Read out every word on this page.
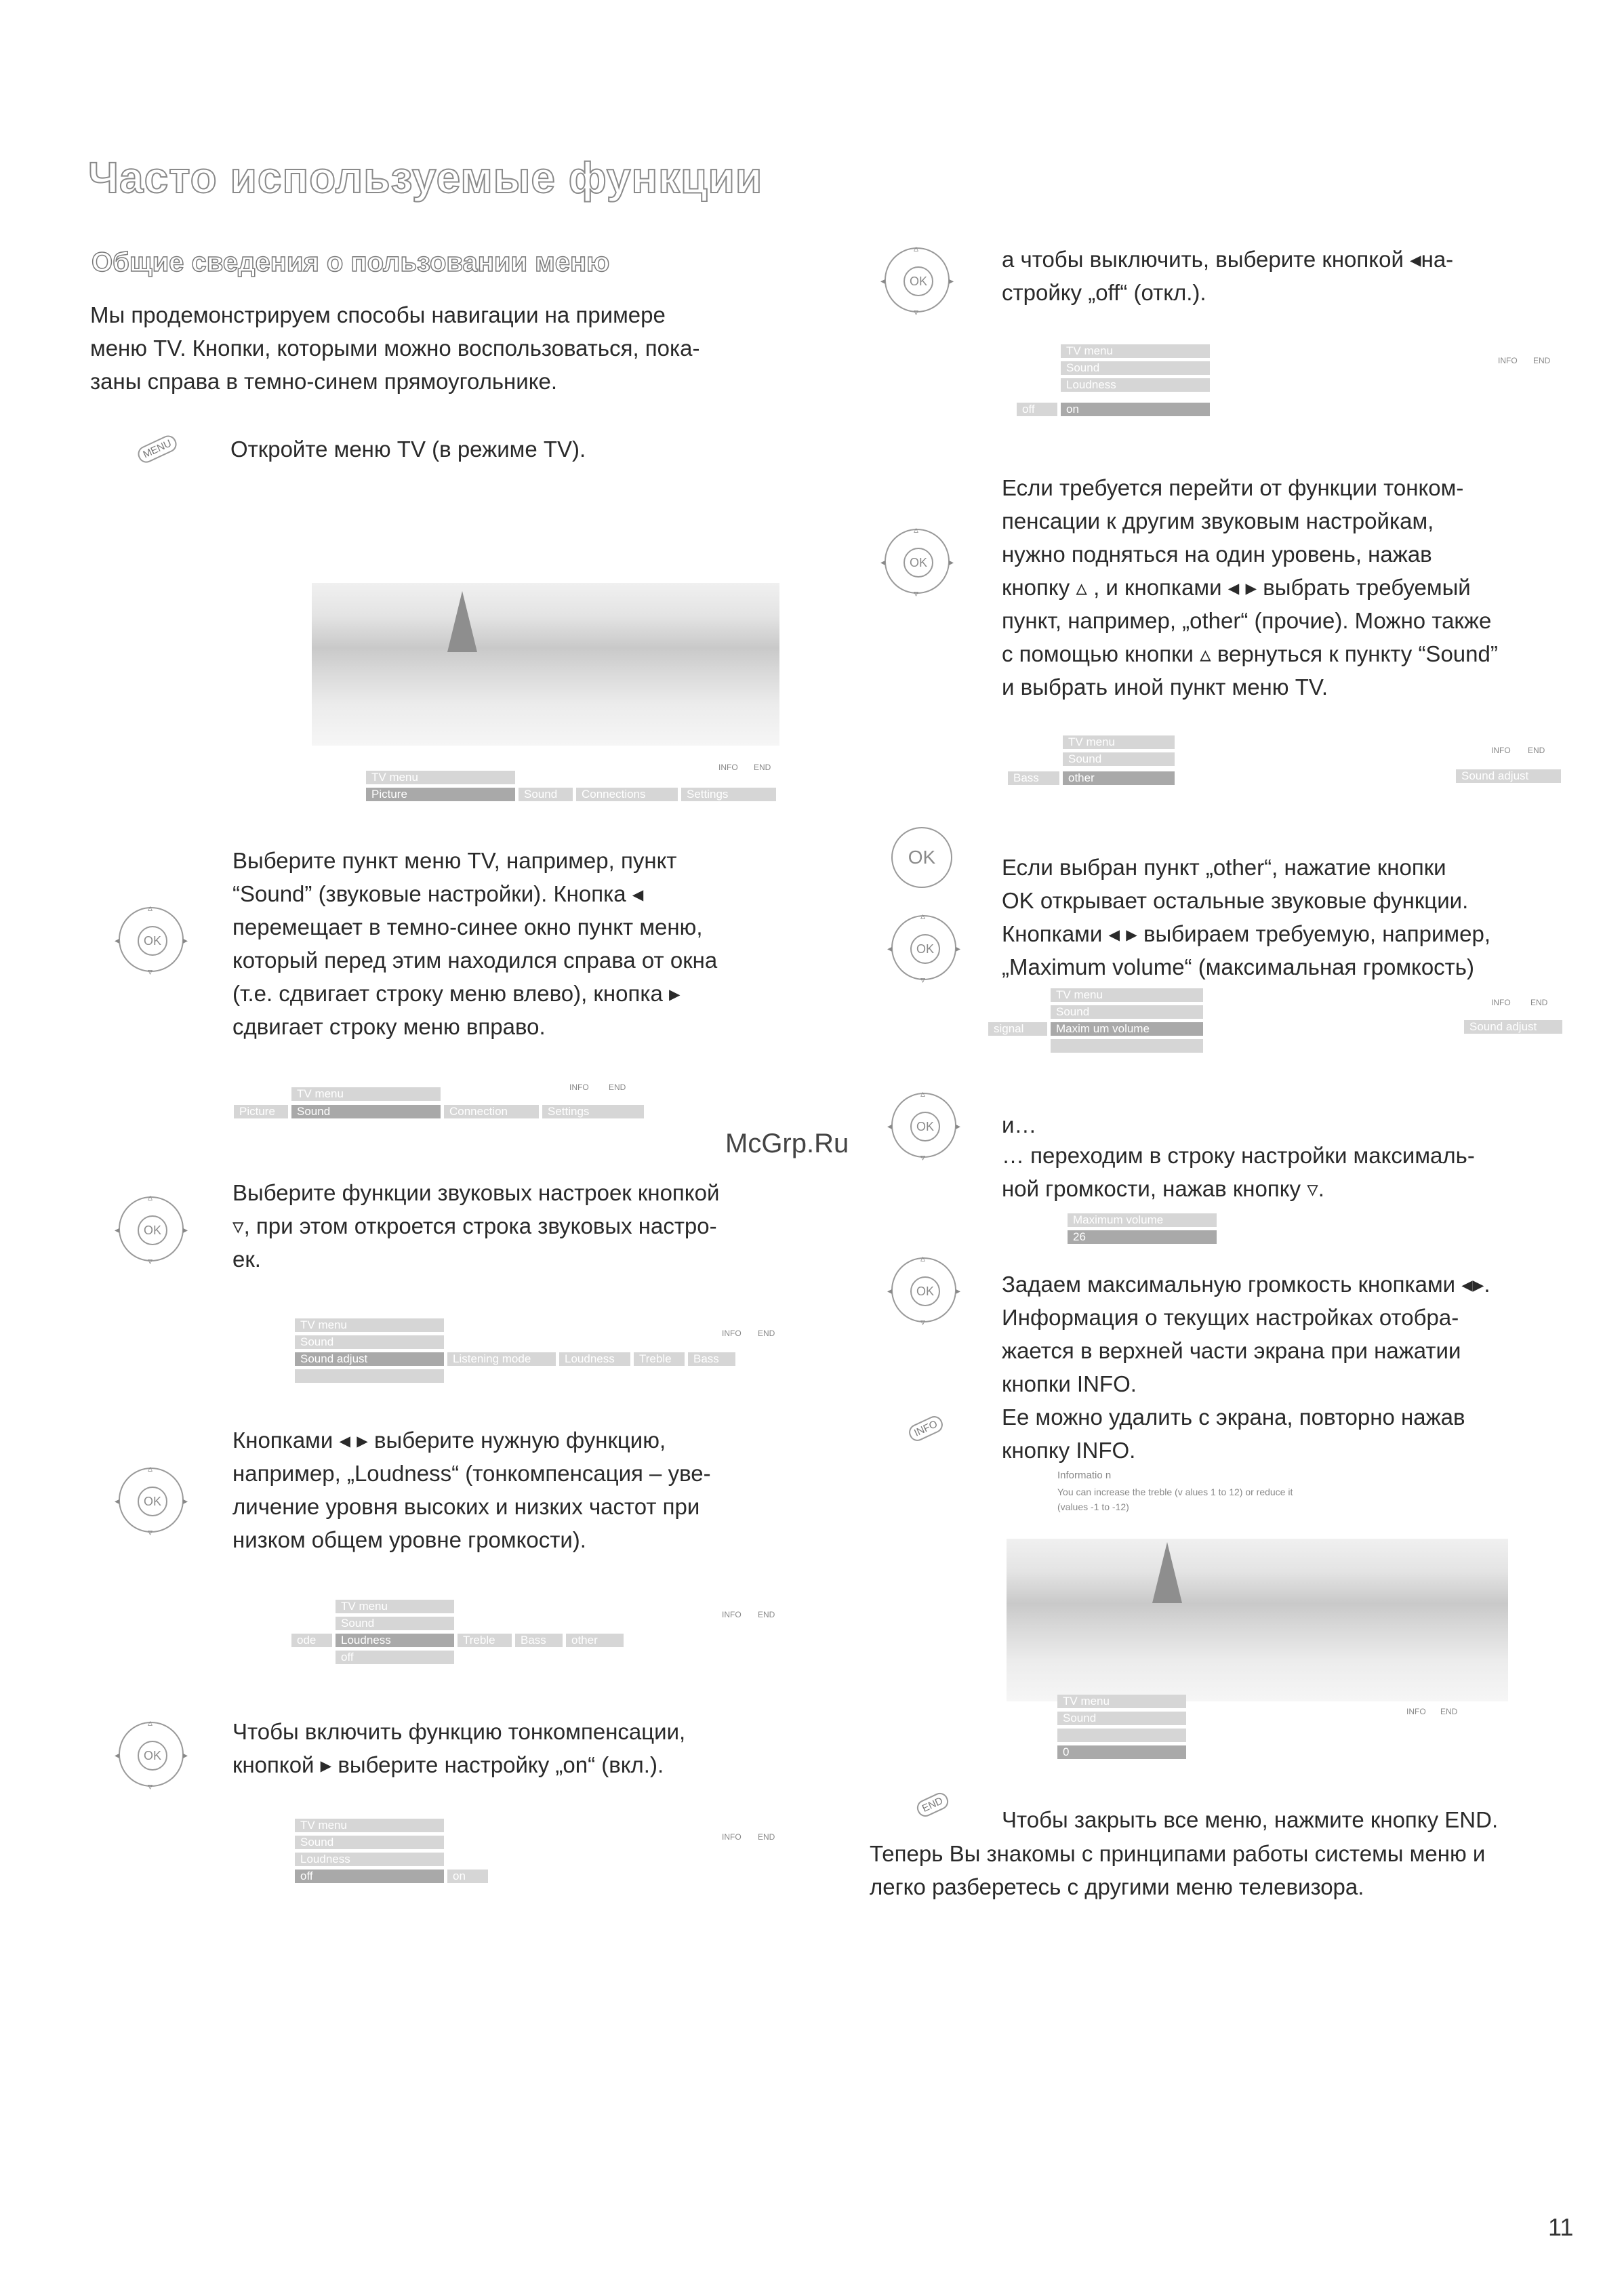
Часто используемые функции
Общие сведения о пользовании меню

Мы продемонстрируем способы навигации на примере
меню TV. Кнопки, которыми можно воспользоваться, пока-
заны справа в темно-синем прямоугольнике.

MENU	Откройте меню TV (в режиме TV).

TV menu
Picture	Sound	Connections	Settings
INFO END
◂	▸
▵
▿
OK

Выберите пункт меню TV, например, пункт
“Sound” (звуковые настройки). Кнопка ◂
перемещает в темно-синее окно пункт меню,
который перед этим находился справа от окна
(т.е. сдвигает строку меню влево), кнопка ▸
сдвигает строку меню вправо.

TV menu
Picture	Sound	Connection	Settings
INFO END
◂	▸
▵
▿
OK

Выберите функции звуковых настроек кнопкой
▿, при этом откроется строка звуковых настро-
ек.

TV menu
Sound
Sound adjust	Listening mode	Loudness	Treble	Bass
INFO END
◂	▸
▵
▿
OK

Кнопками ◂ ▸ выберите нужную функцию,
например, „Loudness“ (тонкомпенсация – уве-
личение уровня высоких и низких частот при
низком общем уровне громкости).

TV menu
Sound
ode	Loudness
off
Treble	Bass	other
INFO END
◂	▸
▵
▿
OK

Чтобы включить функцию тонкомпенсации,
кнопкой ▸ выберите настройку „on“ (вкл.).

TV menu
Sound
Loudness
off	on
INFO END
◂	▸
▵
▿
OK

а чтобы выключить, выберите кнопкой ◂на-
стройку „off“ (откл.).

TV menu
Sound
Loudness
off	on
INFO END
◂	▸
▵
▿
OK

Если требуется перейти от функции тонком-
пенсации к другим звуковым настройкам,
нужно подняться на один уровень, нажав
кнопку ▵ , и кнопками ◂ ▸ выбрать требуемый
пункт, например, „other“ (прочие). Можно также
с помощью кнопки ▵ вернуться к пункту “Sound”
и выбрать иной пункт меню TV.

TV menu
Sound
Bass	other	Sound adjust
INFO END
OK
◂	▸
▵
▿
OK

Если выбран пункт „other“, нажатие кнопки
OK открывает остальные звуковые функции.
Кнопками ◂ ▸ выбираем требуемую, например,
„Maximum volume“ (максимальная громкость)

TV menu
Sound
signal	Maxim um volume	Sound adjust
INFO END
◂	▸
▵
▿
OK	и…

… переходим в строку настройки максималь-
ной громкости, нажав кнопку ▿.

Maximum volume
26
◂	▸
▵
▿
OK
INFO

Задаем максимальную громкость кнопками ◂▸.
Информация о текущих настройках отобра-
жается в верхней части экрана при нажатии
кнопки INFO.
Ее можно удалить с экрана, повторно нажав
кнопку INFO.

Informatio n
You can increase the treble (v alues 1 to 12) or reduce it
(values -1 to -12)
TV menu
Sound
0
INFO END
END

Чтобы закрыть все меню, нажмите кнопку END.

Теперь Вы знакомы с принципами работы системы меню и
легко разберетесь с другими меню телевизора.

McGrp.Ru
11
